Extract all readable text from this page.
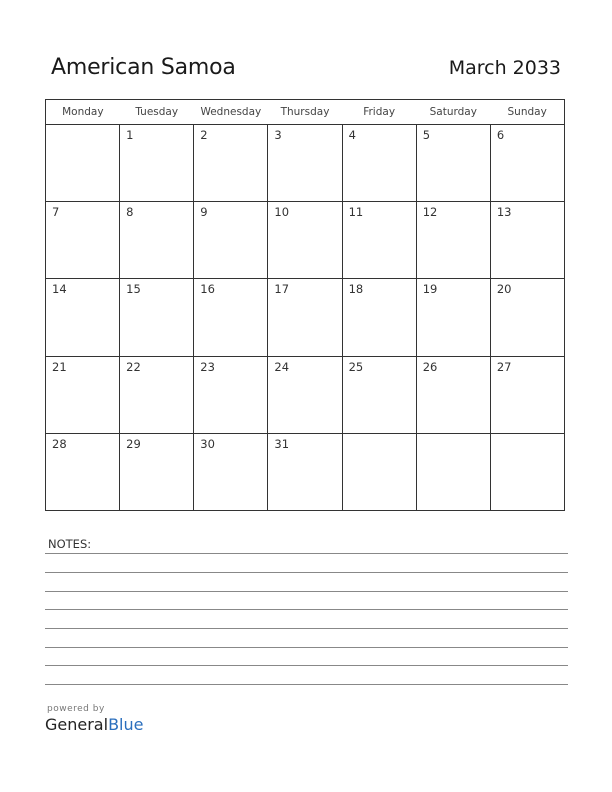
American Samoa	March 2033
Monday	Tuesday	Wednesday	Thursday	Friday	Saturday	Sunday
	1	2	3	4	5	6
7	8	9	10	11	12	13
14	15	16	17	18	19	20
21	22	23	24	25	26	27
28	29	30	31			
NOTES:
powered by
GeneralBlue
